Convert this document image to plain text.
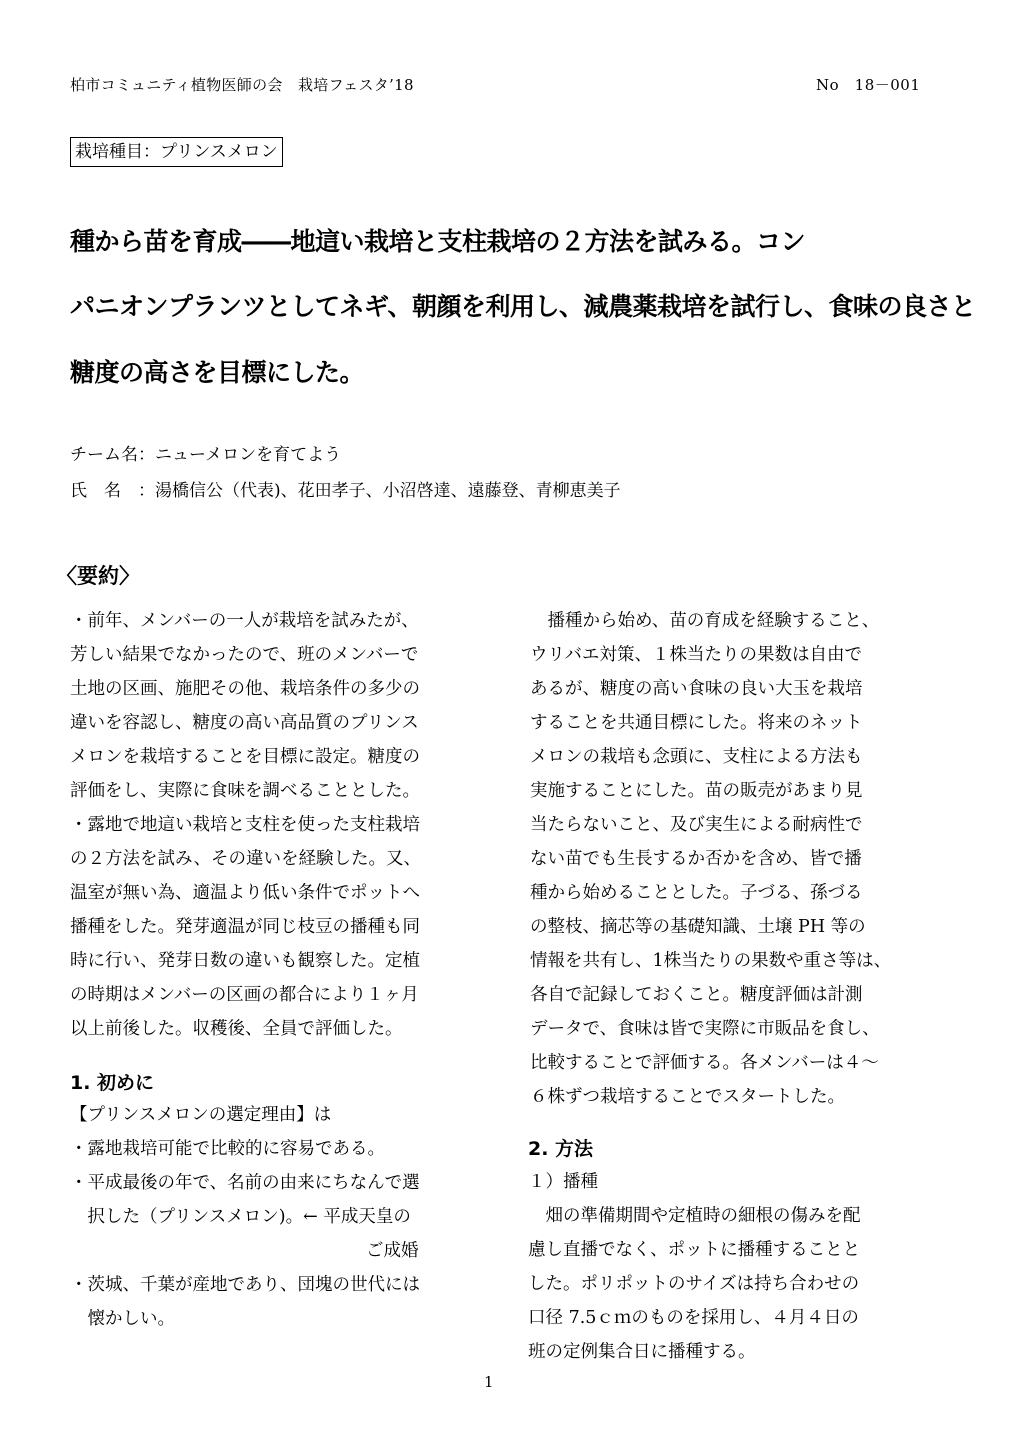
柏市コミュニティ植物医師の会　栽培フェスタ’18	No　18－001
栽培種目：プリンスメロン
種から苗を育成――地這い栽培と支柱栽培の２方法を試みる。コン
パニオンプランツとしてネギ、朝顔を利用し、減農薬栽培を試行し、食味の良さと
糖度の高さを目標にした。
チーム名：ニューメロンを育てよう
氏　名　：湯橋信公（代表)、花田孝子、小沼啓達、遠藤登、青柳恵美子
〈要約〉

・前年、メンバーの一人が栽培を試みたが、

芳しい結果でなかったので、班のメンバーで

土地の区画、施肥その他、栽培条件の多少の

違いを容認し、糖度の高い高品質のプリンス

メロンを栽培することを目標に設定。糖度の

評価をし、実際に食味を調べることとした。

・露地で地這い栽培と支柱を使った支柱栽培

の２方法を試み、その違いを経験した。又、

温室が無い為、適温より低い条件でポットへ

播種をした。発芽適温が同じ枝豆の播種も同

時に行い、発芽日数の違いも観察した。定植

の時期はメンバーの区画の都合により１ヶ月

以上前後した。収穫後、全員で評価した。

　播種から始め、苗の育成を経験すること、

ウリバエ対策、１株当たりの果数は自由で

あるが、糖度の高い食味の良い大玉を栽培

することを共通目標にした。将来のネット

メロンの栽培も念頭に、支柱による方法も

実施することにした。苗の販売があまり見

当たらないこと、及び実生による耐病性で

ない苗でも生長するか否かを含め、皆で播

種から始めることとした。子づる、孫づる

の整枝、摘芯等の基礎知識、土壌 PH 等の

情報を共有し、1株当たりの果数や重さ等は、

各自で記録しておくこと。糖度評価は計測

データで、食味は皆で実際に市販品を食し、

比較することで評価する。各メンバーは４～

６株ずつ栽培することでスタートした。

1. 初めに
【プリンスメロンの選定理由】は
・露地栽培可能で比較的に容易である。
・平成最後の年で、名前の由来にちなんで選
　択した（プリンスメロン)。← 平成天皇の
ご成婚
・茨城、千葉が産地であり、団塊の世代には
　懐かしい。
2. 方法
１）播種
　畑の準備期間や定植時の細根の傷みを配
慮し直播でなく、ポットに播種することと
した。ポリポットのサイズは持ち合わせの
口径 7.5ｃｍのものを採用し、４月４日の
班の定例集合日に播種する。
1
